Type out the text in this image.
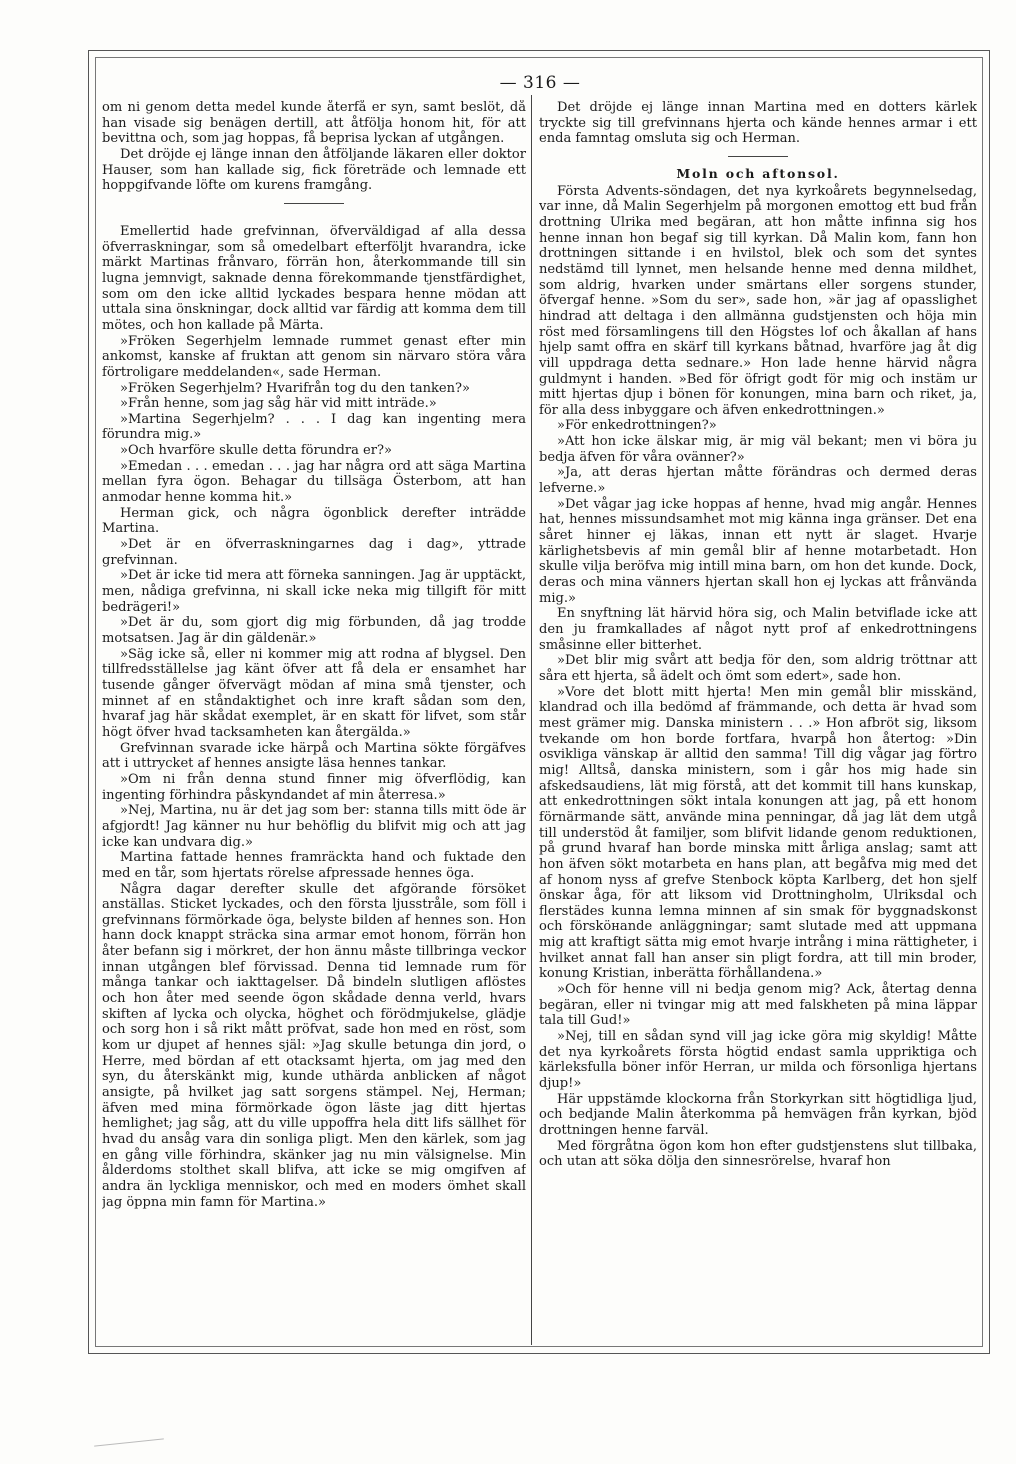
— 316 —

om ni genom detta medel kunde återfå er syn, samt beslöt, då han visade sig benägen dertill, att åtfölja honom hit, för att bevittna och, som jag hoppas, få beprisa lyckan af utgången.

Det dröjde ej länge innan den åtföljande läkaren eller doktor Hauser, som han kallade sig, fick företräde och lemnade ett hoppgifvande löfte om kurens framgång.

Emellertid hade grefvinnan, öfverväldigad af alla dessa öfverraskningar, som så omedelbart efterföljt hvarandra, icke märkt Martinas frånvaro, förrän hon, återkommande till sin lugna jemnvigt, saknade denna förekommande tjenstfärdighet, som om den icke alltid lyckades bespara henne mödan att uttala sina önskningar, dock alltid var färdig att komma dem till mötes, och hon kallade på Märta.

»Fröken Segerhjelm lemnade rummet genast efter min ankomst, kanske af fruktan att genom sin närvaro störa våra förtroligare meddelanden«, sade Herman.

»Fröken Segerhjelm? Hvarifrån tog du den tanken?»

»Från henne, som jag såg här vid mitt inträde.»

»Martina Segerhjelm? . . . I dag kan ingenting mera förundra mig.»

»Och hvarföre skulle detta förundra er?»

»Emedan . . . emedan . . . jag har några ord att säga Martina mellan fyra ögon. Behagar du tillsäga Österbom, att han anmodar henne komma hit.»

Herman gick, och några ögonblick derefter inträdde Martina.

»Det är en öfverraskningarnes dag i dag», yttrade grefvinnan.

»Det är icke tid mera att förneka sanningen. Jag är upptäckt, men, nådiga grefvinna, ni skall icke neka mig tillgift för mitt bedrägeri!»

»Det är du, som gjort dig mig förbunden, då jag trodde motsatsen. Jag är din gäldenär.»

»Säg icke så, eller ni kommer mig att rodna af blygsel. Den tillfredsställelse jag känt öfver att få dela er ensamhet har tusende gånger öfvervägt mödan af mina små tjenster, och minnet af en ståndaktighet och inre kraft sådan som den, hvaraf jag här skådat exemplet, är en skatt för lifvet, som står högt öfver hvad tacksamheten kan återgälda.»

Grefvinnan svarade icke härpå och Martina sökte förgäfves att i uttrycket af hennes ansigte läsa hennes tankar.

»Om ni från denna stund finner mig öfverflödig, kan ingenting förhindra påskyndandet af min återresa.»

»Nej, Martina, nu är det jag som ber: stanna tills mitt öde är afgjordt! Jag känner nu hur behöflig du blifvit mig och att jag icke kan undvara dig.»

Martina fattade hennes framräckta hand och fuktade den med en tår, som hjertats rörelse afpressade hennes öga.

Några dagar derefter skulle det afgörande försöket anställas. Sticket lyckades, och den första ljusstråle, som föll i grefvinnans förmörkade öga, belyste bilden af hennes son. Hon hann dock knappt sträcka sina armar emot honom, förrän hon åter befann sig i mörkret, der hon ännu måste tillbringa veckor innan utgången blef förvissad. Denna tid lemnade rum för många tankar och iakttagelser. Då bindeln slutligen aflöstes och hon åter med seende ögon skådade denna verld, hvars skiften af lycka och olycka, höghet och förödmjukelse, glädje och sorg hon i så rikt mått pröfvat, sade hon med en röst, som kom ur djupet af hennes själ: »Jag skulle betunga din jord, o Herre, med bördan af ett otacksamt hjerta, om jag med den syn, du återskänkt mig, kunde uthärda anblicken af något ansigte, på hvilket jag satt sorgens stämpel. Nej, Herman; äfven med mina förmörkade ögon läste jag ditt hjertas hemlighet; jag såg, att du ville uppoffra hela ditt lifs sällhet för hvad du ansåg vara din sonliga pligt. Men den kärlek, som jag en gång ville förhindra, skänker jag nu min välsignelse. Min ålderdoms stolthet skall blifva, att icke se mig omgifven af andra än lyckliga menniskor, och med en moders ömhet skall jag öppna min famn för Martina.»

Det dröjde ej länge innan Martina med en dotters kärlek tryckte sig till grefvinnans hjerta och kände hennes armar i ett enda famntag omsluta sig och Herman.

Moln och aftonsol.

Första Advents-söndagen, det nya kyrkoårets begynnelsedag, var inne, då Malin Segerhjelm på morgonen emottog ett bud från drottning Ulrika med begäran, att hon måtte infinna sig hos henne innan hon begaf sig till kyrkan. Då Malin kom, fann hon drottningen sittande i en hvilstol, blek och som det syntes nedstämd till lynnet, men helsande henne med denna mildhet, som aldrig, hvarken under smärtans eller sorgens stunder, öfvergaf henne. »Som du ser», sade hon, »är jag af opasslighet hindrad att deltaga i den allmänna gudstjensten och höja min röst med församlingens till den Högstes lof och åkallan af hans hjelp samt offra en skärf till kyrkans båtnad, hvarföre jag åt dig vill uppdraga detta sednare.» Hon lade henne härvid några guldmynt i handen. »Bed för öfrigt godt för mig och instäm ur mitt hjertas djup i bönen för konungen, mina barn och riket, ja, för alla dess inbyggare och äfven enkedrottningen.»

»För enkedrottningen?»

»Att hon icke älskar mig, är mig väl bekant; men vi böra ju bedja äfven för våra ovänner?»

»Ja, att deras hjertan måtte förändras och dermed deras lefverne.»

»Det vågar jag icke hoppas af henne, hvad mig angår. Hennes hat, hennes missundsamhet mot mig känna inga gränser. Det ena såret hinner ej läkas, innan ett nytt är slaget. Hvarje kärlighetsbevis af min gemål blir af henne motarbetadt. Hon skulle vilja beröfva mig intill mina barn, om hon det kunde. Dock, deras och mina vänners hjertan skall hon ej lyckas att frånvända mig.»

En snyftning lät härvid höra sig, och Malin betviflade icke att den ju framkallades af något nytt prof af enkedrottningens småsinne eller bitterhet.

»Det blir mig svårt att bedja för den, som aldrig tröttnar att såra ett hjerta, så ädelt och ömt som edert», sade hon.

»Vore det blott mitt hjerta! Men min gemål blir misskänd, klandrad och illa bedömd af främmande, och detta är hvad som mest grämer mig. Danska ministern . . .» Hon afbröt sig, liksom tvekande om hon borde fortfara, hvarpå hon återtog: »Din osvikliga vänskap är alltid den samma! Till dig vågar jag förtro mig! Alltså, danska ministern, som i går hos mig hade sin afskedsaudiens, lät mig förstå, att det kommit till hans kunskap, att enkedrottningen sökt intala konungen att jag, på ett honom förnärmande sätt, använde mina penningar, då jag lät dem utgå till understöd åt familjer, som blifvit lidande genom reduktionen, på grund hvaraf han borde minska mitt årliga anslag; samt att hon äfven sökt motarbeta en hans plan, att begåfva mig med det af honom nyss af grefve Stenbock köpta Karlberg, det hon sjelf önskar åga, för att liksom vid Drottningholm, Ulriksdal och flerstädes kunna lemna minnen af sin smak för byggnadskonst och försköнande anläggningar; samt slutade med att uppmana mig att kraftigt sätta mig emot hvarje intrång i mina rättigheter, i hvilket annat fall han anser sin pligt fordra, att till min broder, konung Kristian, inberätta förhållandena.»

»Och för henne vill ni bedja genom mig? Ack, återtag denna begäran, eller ni tvingar mig att med falskheten på mina läppar tala till Gud!»

»Nej, till en sådan synd vill jag icke göra mig skyldig! Måtte det nya kyrkoårets första högtid endast samla uppriktiga och kärleksfulla böner inför Herran, ur milda och försonliga hjertans djup!»

Här uppstämde klockorna från Storkyrkan sitt högtidliga ljud, och bedjande Malin återkomma på hemvägen från kyrkan, bjöd drottningen henne farväl.

Med förgråtna ögon kom hon efter gudstjenstens slut tillbaka, och utan att söka dölja den sinnesrörelse, hvaraf hon
